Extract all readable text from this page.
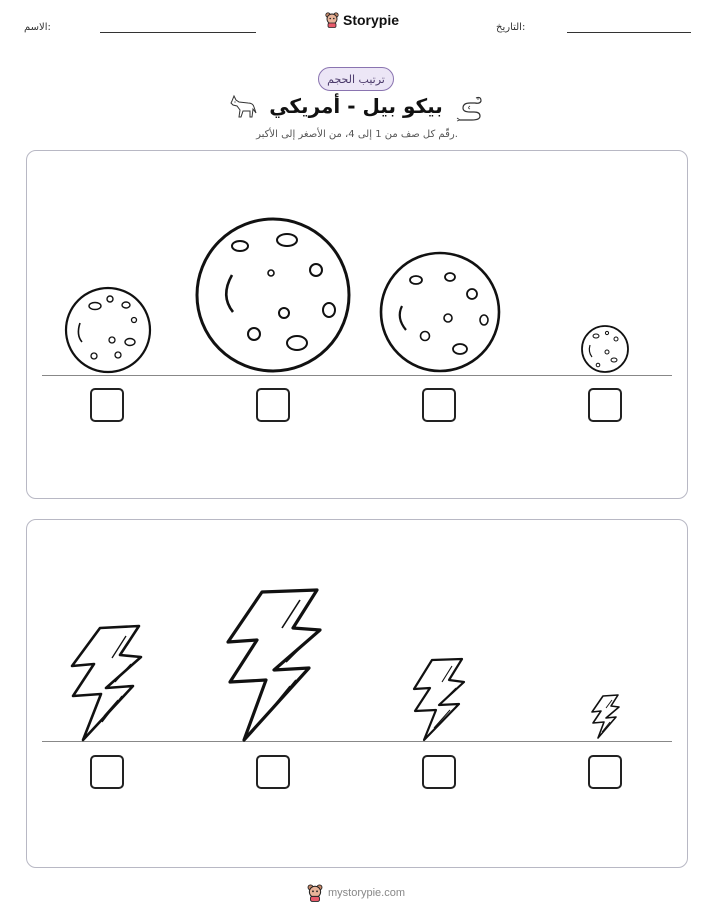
الاسم:	Storypie	التاريخ:
ترتيب الحجم
بيكو بيل - أمريكي
رقّم كل صف من 1 إلى 4، من الأصغر إلى الأكبر.
mystorypie.com
